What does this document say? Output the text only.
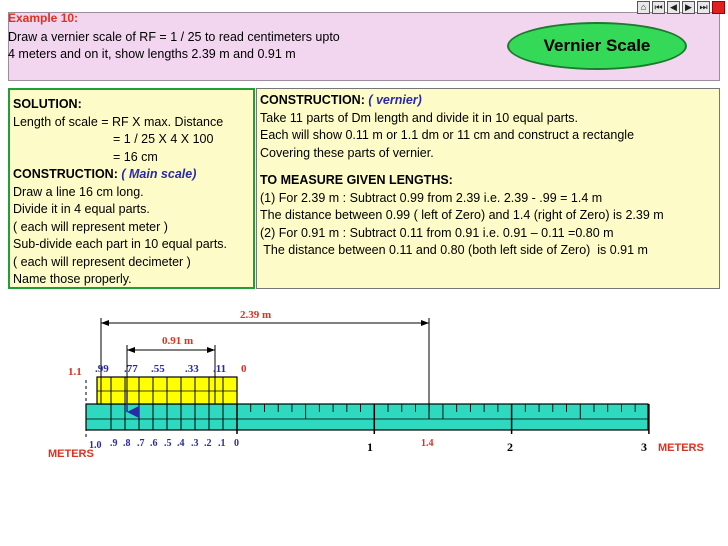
Example 10:
Draw a vernier scale of RF = 1 / 25 to read centimeters upto
4 meters and on it, show lengths 2.39 m and 0.91 m	Vernier Scale
⌂ ⏮ ◀ ▶ ⏭
SOLUTION:
Length of scale = RF X max. Distance
= 1 / 25 X 4 X 100
= 16 cm
CONSTRUCTION: ( Main scale)
Draw a line 16 cm long.
Divide it in 4 equal parts.
( each will represent meter )
Sub-divide each part in 10 equal parts.
( each will represent decimeter )
Name those properly.
CONSTRUCTION: ( vernier)
Take 11 parts of Dm length and divide it in 10 equal parts.
Each will show 0.11 m or 1.1 dm or 11 cm and construct a rectangle
Covering these parts of vernier.
TO MEASURE GIVEN LENGTHS:
(1) For 2.39 m : Subtract 0.99 from 2.39 i.e. 2.39 - .99 = 1.4 m
The distance between 0.99 ( left of Zero) and 1.4 (right of Zero) is 2.39 m
(2) For 0.91 m : Subtract 0.11 from 0.91 i.e. 0.91 – 0.11 =0.80 m
The distance between 0.11 and 0.80 (both left side of Zero)  is 0.91 m
2.39 m
0.91 m
1.1 .99 .77 .55 .33 .11 0
1.0 .9 .8 .7 .6 .5 .4 .3 .2 .1 0	1	2	3
1.4
METERS	METERS
